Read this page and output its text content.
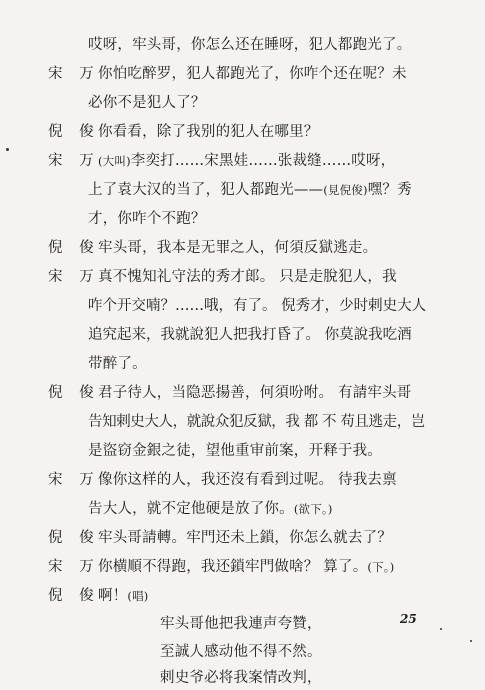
哎呀，牢头哥，你怎么还在睡呀，犯人都跑光了。
宋 万
你怕吃醉罗，犯人都跑光了，你咋个还在呢？未
必你不是犯人了？
倪 俊
你看看，除了我别的犯人在哪里？
宋 万
(大叫)李奕打……宋黑娃……张裁缝……哎呀，
上了袁大汉的当了，犯人都跑光——(見倪俊)嘿？秀
才，你咋个不跑？
倪 俊
牢头哥，我本是无罪之人，何須反獄逃走。
宋 万
真不愧知礼守法的秀才郎。 只是走脫犯人，我
咋个开交喃？……哦，有了。 倪秀才，少时剌史大人
追究起来，我就說犯人把我打昏了。 你莫說我吃酒
带醉了。
倪 俊
君子待人，当隐恶揚善，何須吩咐。 有請牢头哥
告知剌史大人，就說众犯反獄，我 都 不 苟且逃走，岂
是盜窃金銀之徒，望他重审前案，开释于我。
宋 万
像你这样的人，我还沒有看到过呢。 待我去禀
告大人，就不定他硬是放了你。(欲下。)
倪 俊
牢头哥請轉。牢門还未上鎖，你怎么就去了？
宋 万
你横順不得跑，我还鎖牢門做啥？ 算了。(下。)
倪 俊
啊！(唱)
牢头哥他把我連声夸贊，
至誠人感动他不得不然。
剌史爷必将我案情改判，
25
